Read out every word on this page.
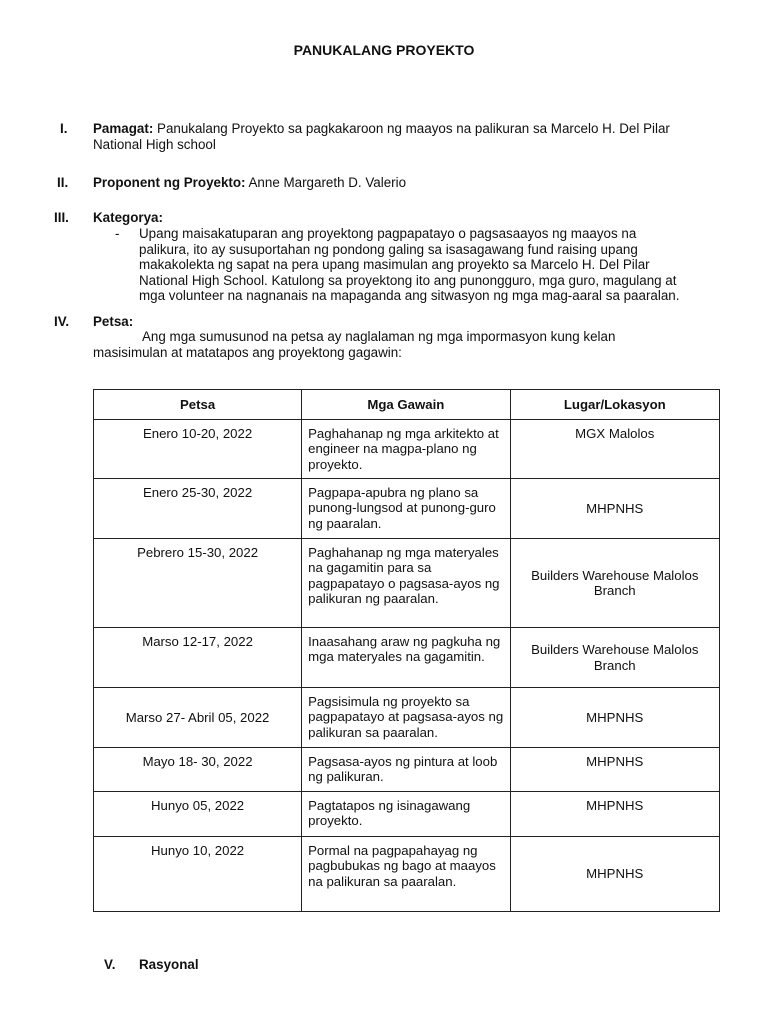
PANUKALANG PROYEKTO
I. Pamagat: Panukalang Proyekto sa pagkakaroon ng maayos na palikuran sa Marcelo H. Del Pilar
National High school
II. Proponent ng Proyekto: Anne Margareth D. Valerio
III. Kategorya:
- Upang maisakatuparan ang proyektong pagpapatayo o pagsasaayos ng maayos na
palikura, ito ay susuportahan ng pondong galing sa isasagawang fund raising upang
makakolekta ng sapat na pera upang masimulan ang proyekto sa Marcelo H. Del Pilar
National High School. Katulong sa proyektong ito ang punongguro, mga guro, magulang at
mga volunteer na nagnanais na mapaganda ang sitwasyon ng mga mag-aaral sa paaralan.
IV. Petsa:
Ang mga sumusunod na petsa ay naglalaman ng mga impormasyon kung kelan
masisimulan at matatapos ang proyektong gagawin:
Petsa	Mga Gawain	Lugar/Lokasyon
Enero 10-20, 2022	Paghahanap ng mga arkitekto at engineer na magpa-plano ng proyekto.	MGX Malolos
Enero 25-30, 2022	Pagpapa-apubra ng plano sa punong-lungsod at punong-guro ng paaralan.	MHPNHS
Pebrero 15-30, 2022	Paghahanap ng mga materyales na gagamitin para sa pagpapatayo o pagsasa-ayos ng palikuran ng paaralan.	Builders Warehouse Malolos Branch
Marso 12-17, 2022	Inaasahang araw ng pagkuha ng mga materyales na gagamitin.	Builders Warehouse Malolos Branch
Marso 27- Abril 05, 2022	Pagsisimula ng proyekto sa pagpapatayo at pagsasa-ayos ng palikuran sa paaralan.	MHPNHS
Mayo 18- 30, 2022	Pagsasa-ayos ng pintura at loob ng palikuran.	MHPNHS
Hunyo 05, 2022	Pagtatapos ng isinagawang proyekto.	MHPNHS
Hunyo 10, 2022	Pormal na pagpapahayag ng pagbubukas ng bago at maayos na palikuran sa paaralan.	MHPNHS
V. Rasyonal
